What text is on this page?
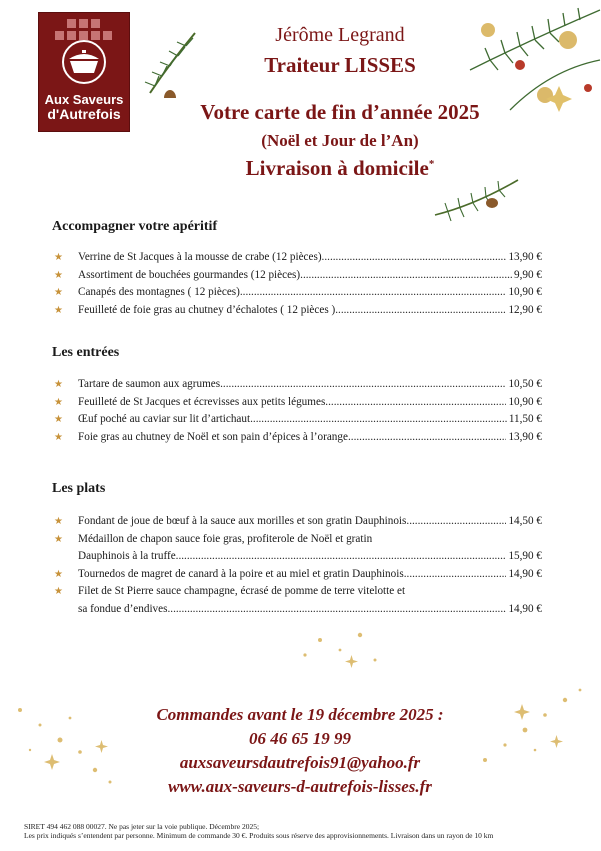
Aux Saveurs
d'Autrefois
Jérôme Legrand
Traiteur LISSES
Votre carte de fin d’année 2025
(Noël et Jour de l’An)
Livraison à domicile*
Accompagner votre apéritif
★ Verrine de St Jacques à la mousse de crabe (12 pièces) .....	13,90 €
★ Assortiment de bouchées gourmandes (12 pièces) .....	9,90 €
★ Canapés des montagnes ( 12 pièces) .....	10,90 €
★ Feuilleté de foie gras au chutney d’échalotes ( 12 pièces ) .....	12,90 €
Les entrées
★ Tartare de saumon aux agrumes .....	10,50 €
★ Feuilleté de St Jacques et écrevisses aux petits légumes.. .....	10,90 €
★ Œuf poché au caviar sur lit d’artichaut .....	11,50 €
★ Foie gras au chutney de Noël et son pain d’épices à l’orange .....	13,90 €
Les plats
★ Fondant de joue de bœuf à la sauce aux morilles et son gratin Dauphinois .....	14,50 €
★ Médaillon de chapon sauce foie gras, profiterole de Noël et gratin
Dauphinois à la truffe .....	15,90 €
★ Tournedos de magret de canard à la poire et au miel et gratin Dauphinois .....	14,90 €
★ Filet de St Pierre sauce champagne, écrasé de pomme de terre vitelotte et
sa fondue d’endives .....	14,90 €
Commandes avant le 19 décembre 2025 :
06 46 65 19 99
auxsaveursdautrefois91@yahoo.fr
www.aux-saveurs-d-autrefois-lisses.fr
SIRET 494 462 088 00027. Ne pas jeter sur la voie publique. Décembre 2025;
Les prix indiqués s’entendent par personne. Minimum de commande 30 €. Produits sous réserve des approvisionnements. Livraison dans un rayon de 10 km
